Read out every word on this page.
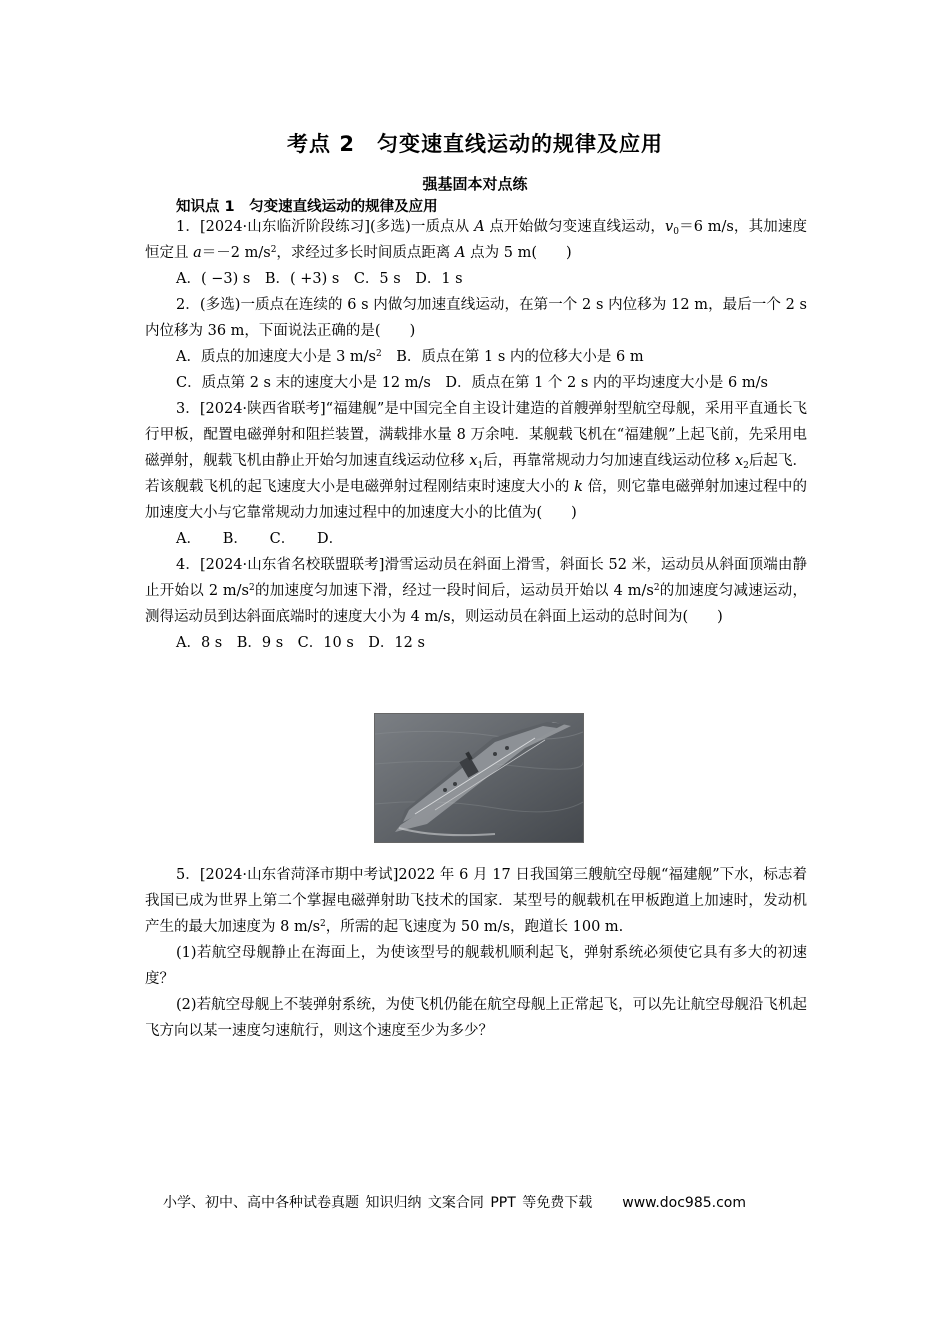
考点 2　匀变速直线运动的规律及应用
强基固本对点练
知识点 1　匀变速直线运动的规律及应用

1．[2024·山东临沂阶段练习](多选)一质点从 A 点开始做匀变速直线运动，$v_0=6$ m/s，其加速度恒定且 a＝－2 $m/s^2$，求经过多长时间质点距离 A 点为 5 m(　　)

A．( −3) s　B．( +3) s　C．5 s　D．1 s

2．(多选)一质点在连续的 6 s 内做匀加速直线运动，在第一个 2 s 内位移为 12 m，最后一个 2 s 内位移为 36 m，下面说法正确的是(　　)

A．质点的加速度大小是 3 $m/s^2$　B．质点在第 1 s 内的位移大小是 6 m

C．质点第 2 s 末的速度大小是 12 m/s　D．质点在第 1 个 2 s 内的平均速度大小是 6 m/s

3．[2024·陕西省联考]“福建舰”是中国完全自主设计建造的首艘弹射型航空母舰，采用平直通长飞行甲板，配置电磁弹射和阻拦装置，满载排水量 8 万余吨．某舰载飞机在“福建舰”上起飞前，先采用电磁弹射，舰载飞机由静止开始匀加速直线运动位移 $x_1$后，再靠常规动力匀加速直线运动位移 $x_2$后起飞．若该舰载飞机的起飞速度大小是电磁弹射过程刚结束时速度大小的 k 倍，则它靠电磁弹射加速过程中的加速度大小与它靠常规动力加速过程中的加速度大小的比值为(　　)

A．　　B．　　C．　　D．

4．[2024·山东省名校联盟联考]滑雪运动员在斜面上滑雪，斜面长 52 米，运动员从斜面顶端由静止开始以 2 $m/s^2$的加速度匀加速下滑，经过一段时间后，运动员开始以 4 $m/s^2$的加速度匀减速运动，测得运动员到达斜面底端时的速度大小为 4 m/s，则运动员在斜面上运动的总时间为(　　)

A．8 s　B．9 s　C．10 s　D．12 s

5．[2024·山东省菏泽市期中考试]2022 年 6 月 17 日我国第三艘航空母舰“福建舰”下水，标志着我国已成为世界上第二个掌握电磁弹射助飞技术的国家．某型号的舰载机在甲板跑道上加速时，发动机产生的最大加速度为 8 $m/s^2$，所需的起飞速度为 50 m/s，跑道长 100 m.

(1)若航空母舰静止在海面上，为使该型号的舰载机顺利起飞，弹射系统必须使它具有多大的初速度？

(2)若航空母舰上不装弹射系统，为使飞机仍能在航空母舰上正常起飞，可以先让航空母舰沿飞机起飞方向以某一速度匀速航行，则这个速度至少为多少？

小学、初中、高中各种试卷真题 知识归纳 文案合同 PPT 等免费下载 www.doc985.com
